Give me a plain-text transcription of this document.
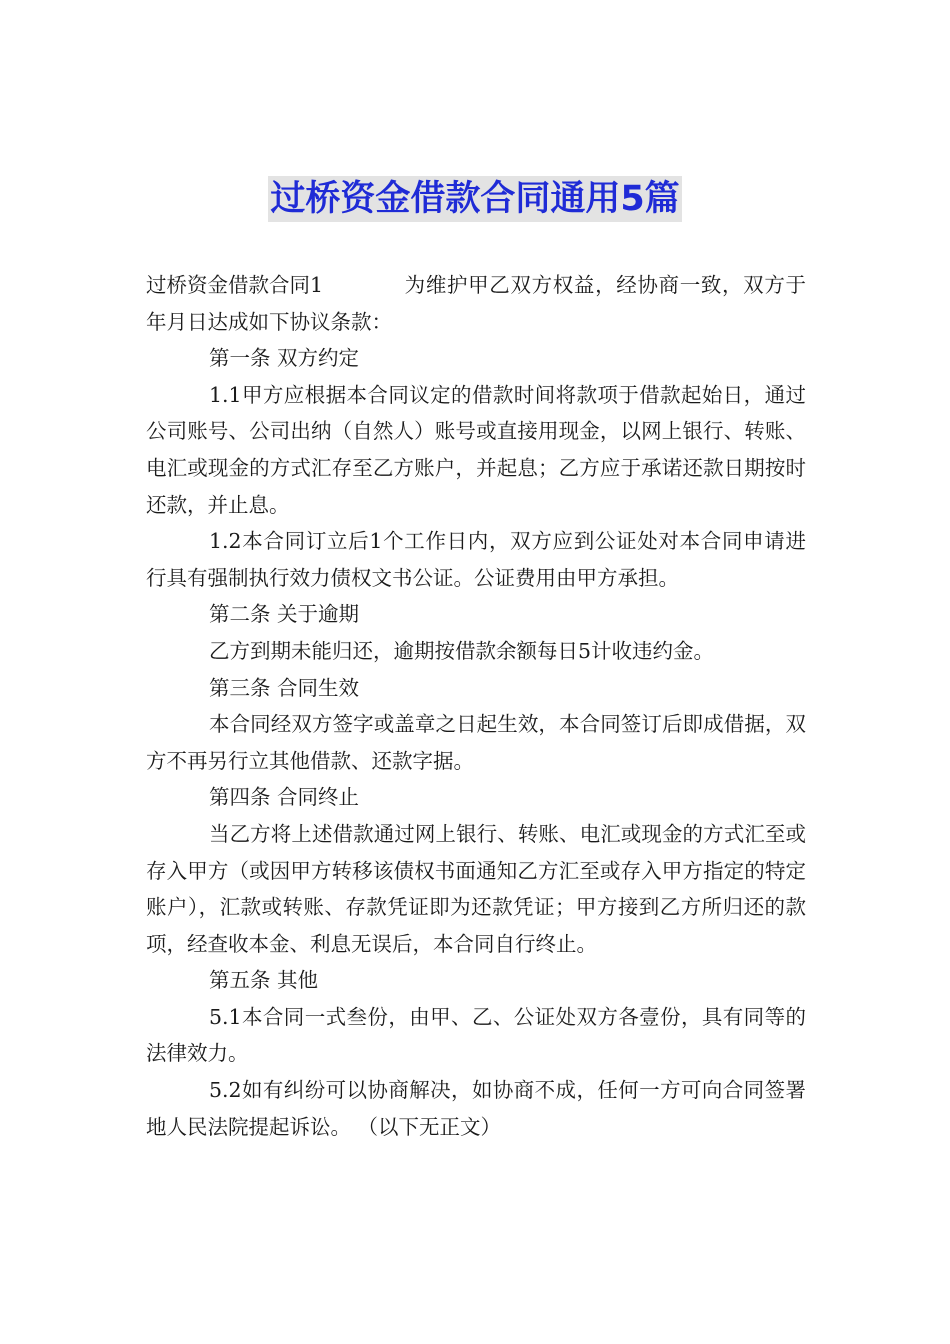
过桥资金借款合同通用5篇

过桥资金借款合同1	为维护甲乙双方权益，经协商一致，双方于年月日达成如下协议条款：

第一条 双方约定

1.1甲方应根据本合同议定的借款时间将款项于借款起始日，通过公司账号、公司出纳（自然人）账号或直接用现金，以网上银行、转账、电汇或现金的方式汇存至乙方账户，并起息；乙方应于承诺还款日期按时还款，并止息。

1.2本合同订立后1个工作日内，双方应到公证处对本合同申请进行具有强制执行效力债权文书公证。公证费用由甲方承担。

第二条 关于逾期

乙方到期未能归还，逾期按借款余额每日5计收违约金。

第三条 合同生效

本合同经双方签字或盖章之日起生效，本合同签订后即成借据，双方不再另行立其他借款、还款字据。

第四条 合同终止

当乙方将上述借款通过网上银行、转账、电汇或现金的方式汇至或存入甲方（或因甲方转移该债权书面通知乙方汇至或存入甲方指定的特定账户），汇款或转账、存款凭证即为还款凭证；甲方接到乙方所归还的款项，经查收本金、利息无误后，本合同自行终止。

第五条 其他

5.1本合同一式叁份，由甲、乙、公证处双方各壹份，具有同等的法律效力。

5.2如有纠纷可以协商解决，如协商不成，任何一方可向合同签署地人民法院提起诉讼。 （以下无正文）
